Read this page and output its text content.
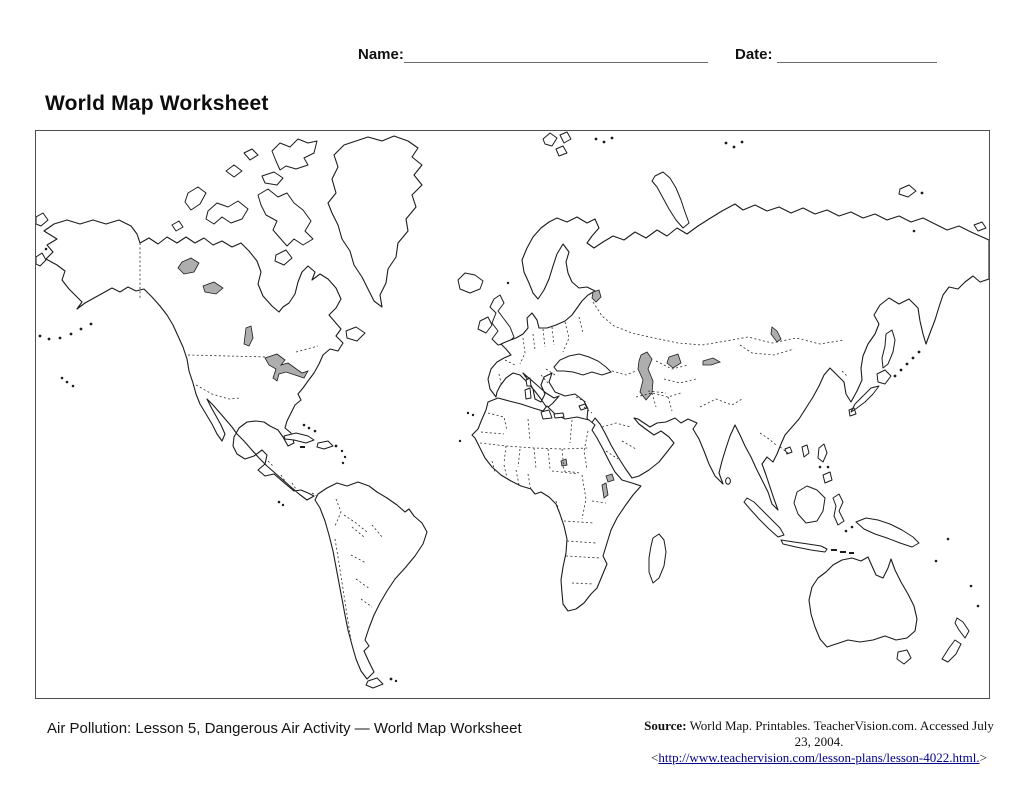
Name:	Date:
World Map Worksheet
Air Pollution: Lesson 5, Dangerous Air Activity — World Map Worksheet	Source: World Map. Printables. TeacherVision.com. Accessed July 23, 2004.
<http://www.teachervision.com/lesson-plans/lesson-4022.html.>
